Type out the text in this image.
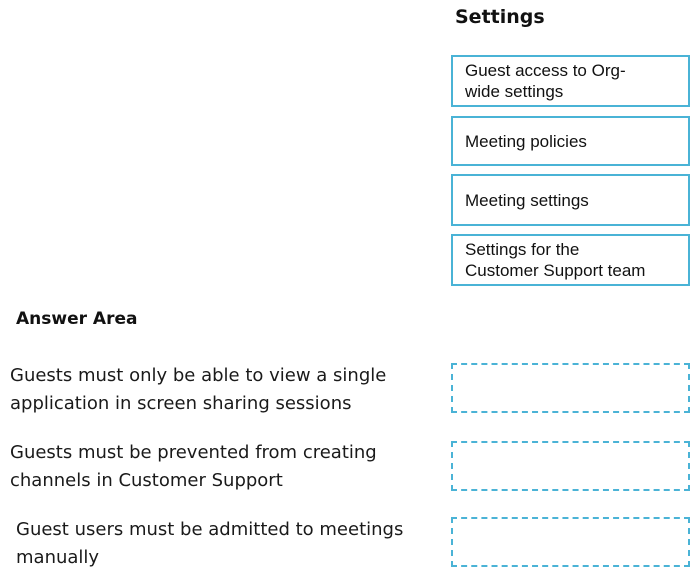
Settings
Guest access to Org-
wide settings
Meeting policies
Meeting settings
Settings for the
Customer Support team
Answer Area
Guests must only be able to view a single
application in screen sharing sessions
Guests must be prevented from creating
channels in Customer Support
Guest users must be admitted to meetings
manually
